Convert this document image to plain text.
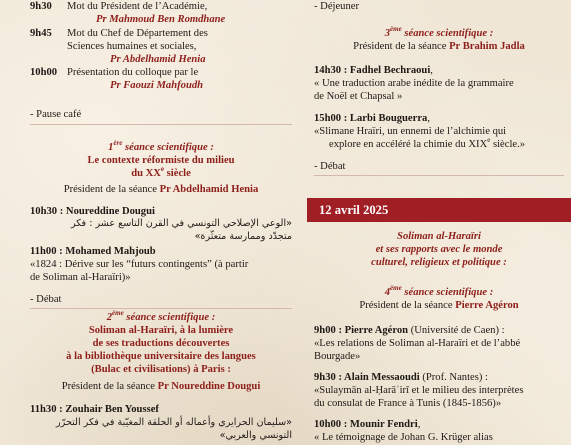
9h30 Mot du Président de l’Académie,
Pr Mahmoud Ben Romdhane
9h45 Mot du Chef de Département des
Sciences humaines et sociales,
Pr Abdelhamid Henia
10h00 Présentation du colloque par le
Pr Faouzi Mahfoudh
- Pause café
1ère séance scientifique :
Le contexte réformiste du milieu
du XXe siècle
Président de la séance Pr Abdelhamid Henia
10h30 : Noureddine Dougui
«الوعي الإصلاحي التونسي في القرن التاسع عشر : فكر
متجدّد وممارسة متعثّرة»
11h00 : Mohamed Mahjoub
«1824 : Dérive sur les “futurs contingents” (à partir
de Soliman al-Haraïri)»
- Débat
2ème séance scientifique :
Soliman al-Haraïri, à la lumière
de ses traductions découvertes
à la bibliothèque universitaire des langues
(Bulac et civilisations) à Paris :
Président de la séance Pr Noureddine Dougui
11h30 : Zouhair Ben Youssef
«سليمان الحرايري وأعماله أو الحلقة المغيّبة في فكر التحرّر
التونسي والعربي»
- Déjeuner
3ème séance scientifique :
Président de la séance Pr Brahim Jadla
14h30 : Fadhel Bechraoui,
« Une traduction arabe inédite de la grammaire
de Noël et Chapsal »
15h00 : Larbi Bouguerra,
«Slimane Hraïri, un ennemi de l’alchimie qui
explore en accéléré la chimie du XIXe siècle.»
- Débat
12 avril 2025
Soliman al-Haraïri
et ses rapports avec le monde
culturel, religieux et politique :
4ème séance scientifique :
Président de la séance Pierre Agéron
9h00 : Pierre Agéron (Université de Caen) :
«Les relations de Soliman al-Haraïri et de l’abbé
Bourgade»
9h30 : Alain Messaoudi (Prof. Nantes) :
«Sulaymān al-Ḥarāʾirī et le milieu des interprètes
du consulat de France à Tunis (1845-1856)»
10h00 : Mounir Fendri,
« Le témoignage de Johan G. Krüger alias
